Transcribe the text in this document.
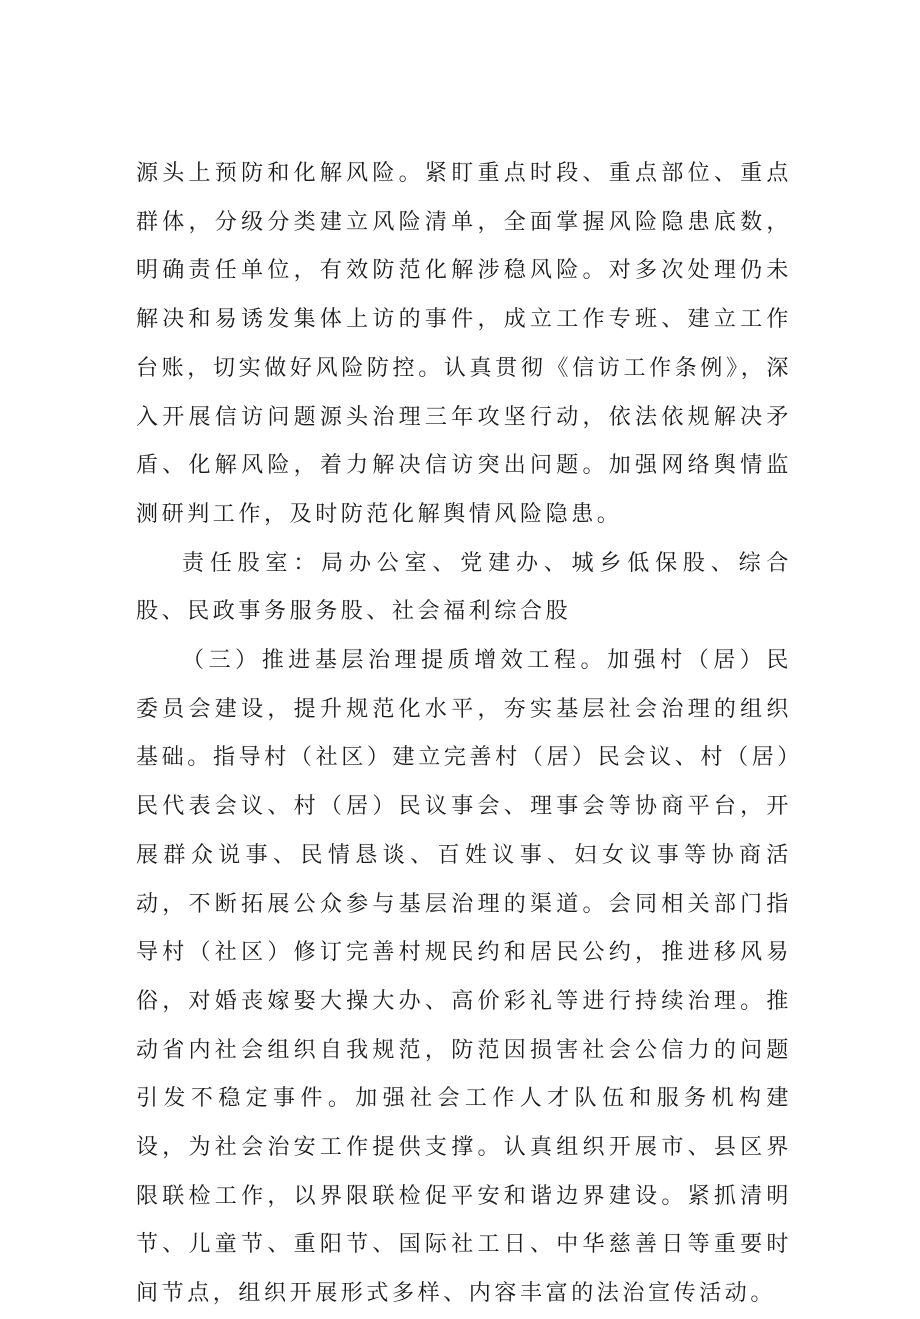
源头上预防和化解风险。紧盯重点时段、重点部位、重点群体，分级分类建立风险清单，全面掌握风险隐患底数，明确责任单位，有效防范化解涉稳风险。对多次处理仍未解决和易诱发集体上访的事件，成立工作专班、建立工作台账，切实做好风险防控。认真贯彻《信访工作条例》，深入开展信访问题源头治理三年攻坚行动，依法依规解决矛盾、化解风险，着力解决信访突出问题。加强网络舆情监测研判工作，及时防范化解舆情风险隐患。

责任股室：局办公室、党建办、城乡低保股、综合股、民政事务服务股、社会福利综合股

（三）推进基层治理提质增效工程。加强村（居）民委员会建设，提升规范化水平，夯实基层社会治理的组织基础。指导村（社区）建立完善村（居）民会议、村（居）民代表会议、村（居）民议事会、理事会等协商平台，开展群众说事、民情恳谈、百姓议事、妇女议事等协商活动，不断拓展公众参与基层治理的渠道。会同相关部门指导村（社区）修订完善村规民约和居民公约，推进移风易俗，对婚丧嫁娶大操大办、高价彩礼等进行持续治理。推动省内社会组织自我规范，防范因损害社会公信力的问题引发不稳定事件。加强社会工作人才队伍和服务机构建设，为社会治安工作提供支撑。认真组织开展市、县区界限联检工作，以界限联检促平安和谐边界建设。紧抓清明节、儿童节、重阳节、国际社工日、中华慈善日等重要时间节点，组织开展形式多样、内容丰富的法治宣传活动。
